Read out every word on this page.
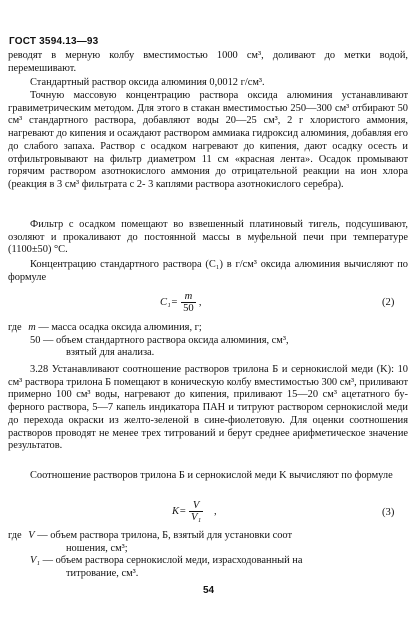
ГОСТ 3594.13—93
реводят в мерную колбу вместимостью 1000 см³, доливают до метки водой, перемешивают.
Стандартный раствор оксида алюминия 0,0012 г/см³.
Точную массовую концентрацию раствора оксида алюминия устанавливают гравиметрическим методом. Для этого в стакан вместимостью 250—300 см³ отбирают 50 см³ стандартного раствора, добавляют воды 20—25 см³, 2 г хлористого аммония, нагревают до кипения и осаждают раствором аммиака гидроксид алюминия, добавляя его до слабого запаха. Раствор с осадком нагревают до кипения, дают осадку осесть и отфильтровывают на фильтр диаметром 11 см «красная лента». Осадок промывают горячим раствором азотнокислого аммония до отрицательной реакции на ион хлора (реакция в 3 см³ фильтрата с 2- 3 каплями раствора азотнокислого серебра).
Фильтр с осадком помещают во взвешенный платиновый тигель, подсушивают, озоляют и прокаливают до постоянной массы в муфельной печи при температуре (1100±50) °С.
Концентрацию стандартного раствора (C₁) в г/см³ оксида алюминия вычисляют по формуле
$C_1= \frac{m}{50}$ ,	(2)
где m — масса осадка оксида алюминия, г;
50 — объем стандартного раствора оксида алюминия, см³,
взятый для анализа.
3.28 Устанавливают соотношение растворов трилона Б и сернокислой меди (K): 10 см³ раствора трилона Б помещают в коническую колбу вместимостью 300 см³, приливают примерно 100 см³ воды, нагревают до кипения, приливают 15—20 см³ ацетатного буферного раствора, 5—7 капель индикатора ПАН и титруют раствором сернокислой меди до перехода окраски из желто-зеленой в сине-фиолетовую. Для оценки соотношения растворов проводят не менее трех титрований и берут среднее арифметическое значение результатов.
Соотношение растворов трилона Б и сернокислой меди K вычисляют по формуле
$K= \frac{V}{\text{V₁}}$ ,	(3)
где V — объем раствора трилона, Б, взятый для установки соот
ношения, см³;
V₁ — объем раствора сернокислой меди, израсходованный на
титрование, см³.
54
